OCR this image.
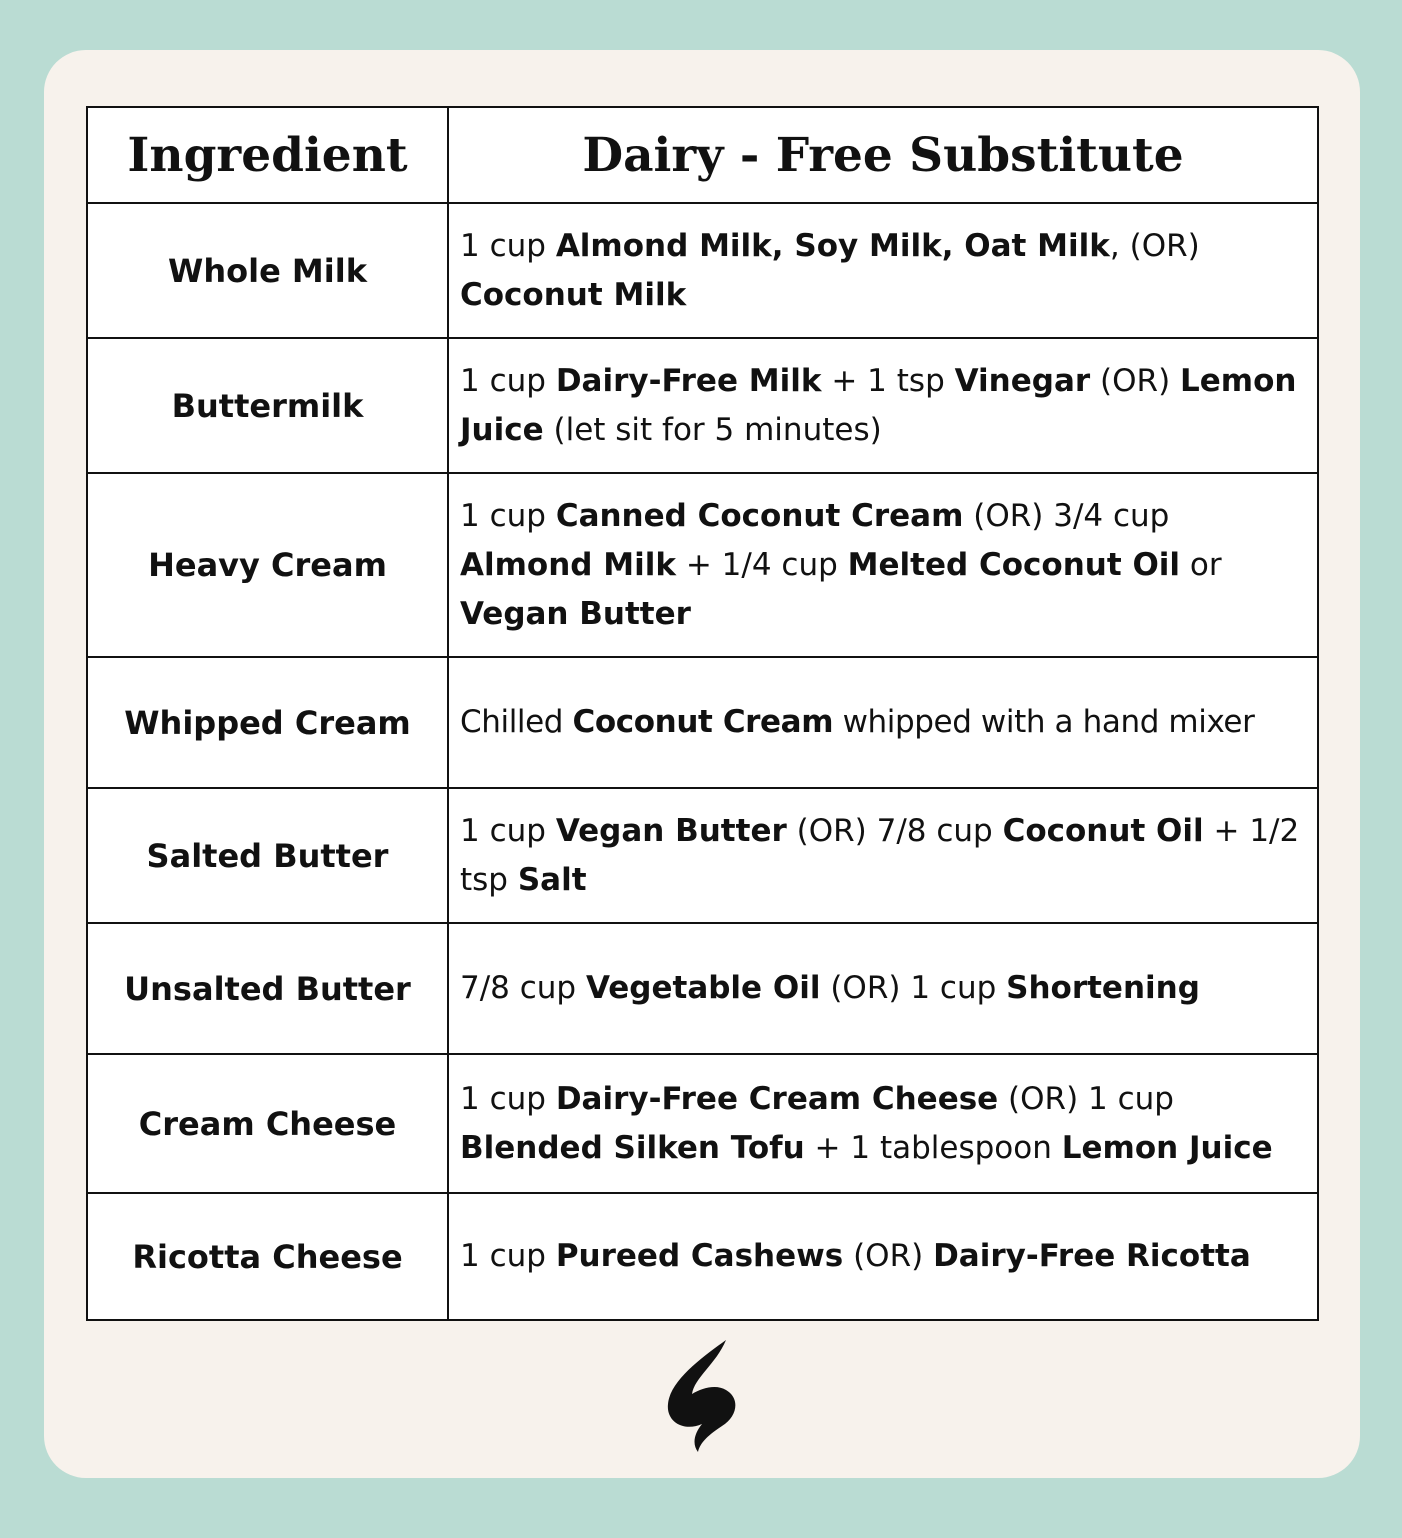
Ingredient	Dairy - Free Substitute
Whole Milk	1 cup Almond Milk, Soy Milk, Oat Milk, (OR)
Coconut Milk
Buttermilk	1 cup Dairy-Free Milk + 1 tsp Vinegar (OR) Lemon Juice (let sit for 5 minutes)
Heavy Cream	1 cup Canned Coconut Cream (OR) 3/4 cup Almond Milk + 1/4 cup Melted Coconut Oil or Vegan Butter
Whipped Cream	Chilled Coconut Cream whipped with a hand mixer
Salted Butter	1 cup Vegan Butter (OR) 7/8 cup Coconut Oil + 1/2 tsp Salt
Unsalted Butter	7/8 cup Vegetable Oil (OR) 1 cup Shortening
Cream Cheese	1 cup Dairy-Free Cream Cheese (OR) 1 cup
Blended Silken Tofu + 1 tablespoon Lemon Juice
Ricotta Cheese	1 cup Pureed Cashews (OR) Dairy-Free Ricotta
